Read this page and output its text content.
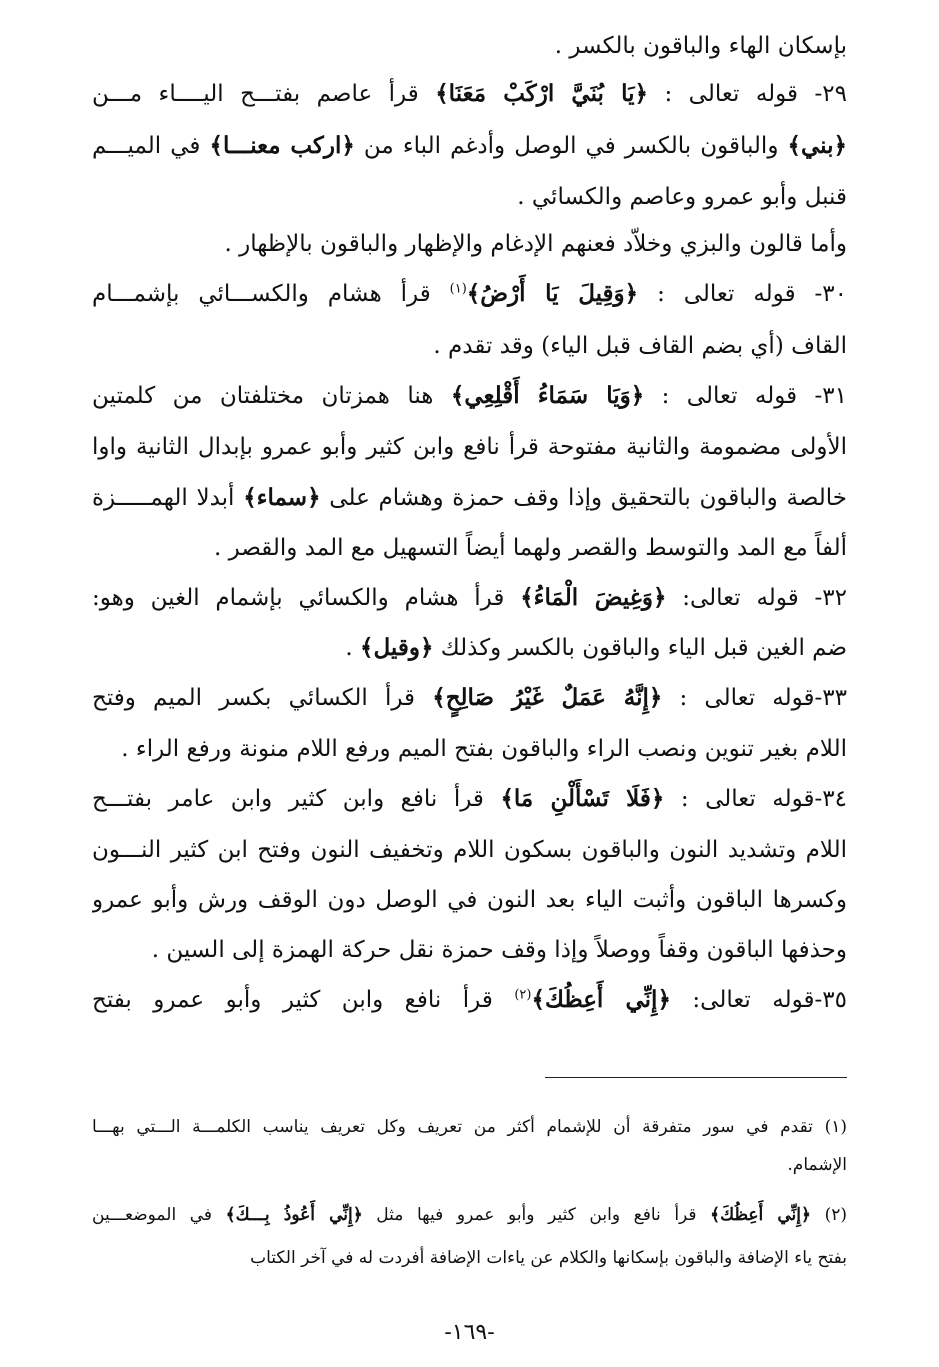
بإسكان الهاء والباقون بالكسر .
٢٩- قوله تعالى : ﴿يَا بُنَيَّ ارْكَبْ مَعَنَا﴾ قرأ عاصم بفتـــح اليــــاء مـــن
﴿بني﴾ والباقون بالكسر في الوصل وأدغم الباء من ﴿اركب معنـــا﴾ في الميـــم
قنبل وأبو عمرو وعاصم والكسائي .
وأما قالون والبزي وخلاّد فعنهم الإدغام والإظهار والباقون بالإظهار .
٣٠- قوله تعالى : ﴿وَقِيلَ يَا أَرْضُ﴾$^{(١)}$ قرأ هشام والكســـائي بإشمـــام
القاف (أي بضم القاف قبل الياء) وقد تقدم .
٣١- قوله تعالى : ﴿وَيَا سَمَاءُ أَقْلِعِي﴾ هنا همزتان مختلفتان من كلمتين
الأولى مضمومة والثانية مفتوحة قرأ نافع وابن كثير وأبو عمرو بإبدال الثانية واوا
خالصة والباقون بالتحقيق وإذا وقف حمزة وهشام على ﴿سماء﴾ أبدلا الهمـــــزة
ألفاً مع المد والتوسط والقصر ولهما أيضاً التسهيل مع المد والقصر .
٣٢- قوله تعالى: ﴿وَغِيضَ الْمَاءُ﴾ قرأ هشام والكسائي بإشمام الغين وهو:
ضم الغين قبل الياء والباقون بالكسر وكذلك ﴿وقيل﴾ .
٣٣-قوله تعالى : ﴿إِنَّهُ عَمَلٌ غَيْرُ صَالِحٍ﴾ قرأ الكسائي بكسر الميم وفتح
اللام بغير تنوين ونصب الراء والباقون بفتح الميم ورفع اللام منونة ورفع الراء .
٣٤-قوله تعالى : ﴿فَلَا تَسْأَلْنِ مَا﴾ قرأ نافع وابن كثير وابن عامر بفتـــح
اللام وتشديد النون والباقون بسكون اللام وتخفيف النون وفتح ابن كثير النـــون
وكسرها الباقون وأثبت الياء بعد النون في الوصل دون الوقف ورش وأبو عمرو
وحذفها الباقون وقفاً ووصلاً وإذا وقف حمزة نقل حركة الهمزة إلى السين .
٣٥-قوله تعالى: ﴿إِنِّي أَعِظُكَ﴾$^{(٢)}$ قرأ نافع وابن كثير وأبو عمرو بفتح
(١) تقدم في سور متفرقة أن للإشمام أكثر من تعريف وكل تعريف يناسب الكلمـــة الـــتي بهـــا
الإشمام.
(٢) ﴿إِنِّي أَعِظُكَ﴾ قرأ نافع وابن كثير وأبو عمرو فيها مثل ﴿إِنِّي أَعُوذُ بِـــكَ﴾ في الموضعـــين
بفتح ياء الإضافة والباقون بإسكانها والكلام عن ياءات الإضافة أفردت له في آخر الكتاب
-١٦٩-
